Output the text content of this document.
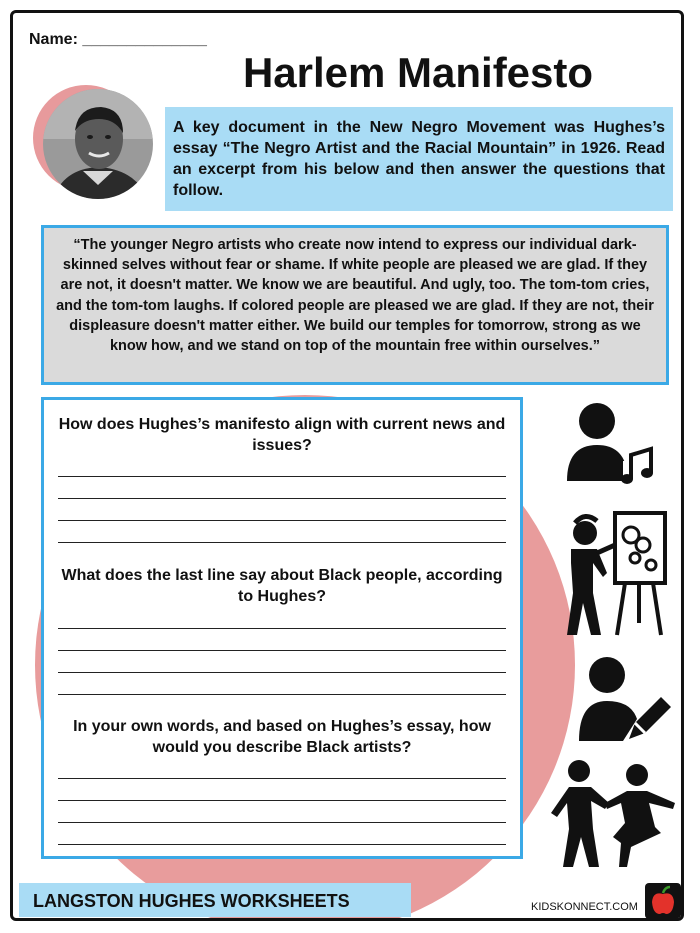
Name: ______________
Harlem Manifesto
A key document in the New Negro Movement was Hughes’s essay “The Negro Artist and the Racial Mountain” in 1926. Read an excerpt from his below and then answer the questions that follow.
“The younger Negro artists who create now intend to express our individual dark-skinned selves without fear or shame. If white people are pleased we are glad. If they are not, it doesn't matter. We know we are beautiful. And ugly, too. The tom-tom cries, and the tom-tom laughs. If colored people are pleased we are glad. If they are not, their displeasure doesn't matter either. We build our temples for tomorrow, strong as we know how, and we stand on top of the mountain free within ourselves.”
How does Hughes’s manifesto align with current news and issues?
What does the last line say about Black people, according to Hughes?
In your own words, and based on Hughes’s essay, how would you describe Black artists?
LANGSTON HUGHES WORKSHEETS	KIDSKONNECT.COM
